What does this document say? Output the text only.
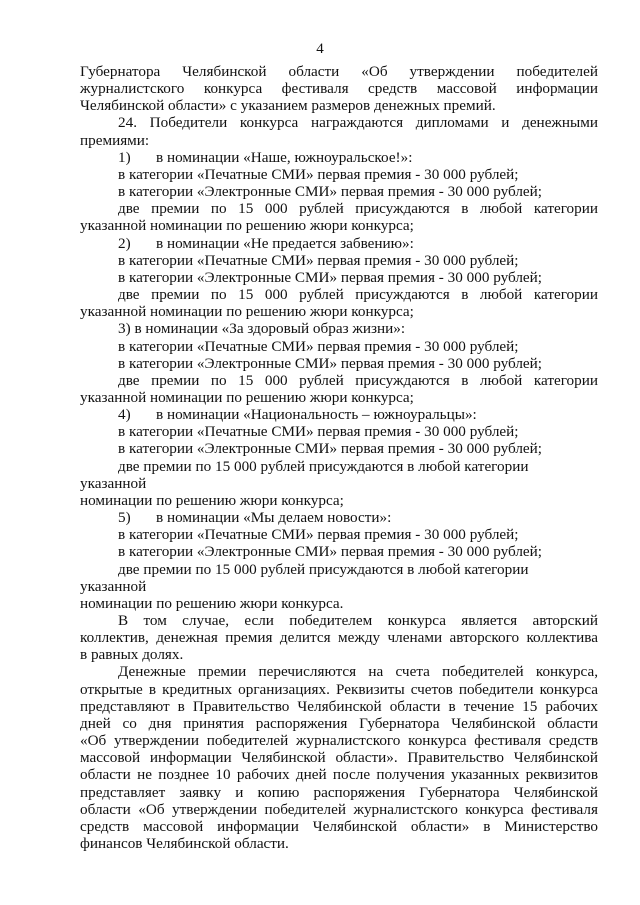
4

Губернатора Челябинской области «Об утверждении победителей

журналистского конкурса фестиваля средств массовой информации

Челябинской области» с указанием размеров денежных премий.

24. Победители конкурса награждаются дипломами и денежными

премиями:

1) в номинации «Наше, южноуральское!»:

в категории «Печатные СМИ» первая премия - 30 000 рублей;

в категории «Электронные СМИ» первая премия - 30 000 рублей;

две премии по 15 000 рублей присуждаются в любой категории

указанной номинации по решению жюри конкурса;

2) в номинации «Не предается забвению»:

в категории «Печатные СМИ» первая премия - 30 000 рублей;

в категории «Электронные СМИ» первая премия - 30 000 рублей;

две премии по 15 000 рублей присуждаются в любой категории

указанной номинации по решению жюри конкурса;

3) в номинации «За здоровый образ жизни»:

в категории «Печатные СМИ» первая премия - 30 000 рублей;

в категории «Электронные СМИ» первая премия - 30 000 рублей;

две премии по 15 000 рублей присуждаются в любой категории

указанной номинации по решению жюри конкурса;

4) в номинации «Национальность – южноуральцы»:

в категории «Печатные СМИ» первая премия - 30 000 рублей;

в категории «Электронные СМИ» первая премия - 30 000 рублей;

две премии по 15 000 рублей присуждаются в любой категории указанной

номинации по решению жюри конкурса;

5) в номинации «Мы делаем новости»:

в категории «Печатные СМИ» первая премия - 30 000 рублей;

в категории «Электронные СМИ» первая премия - 30 000 рублей;

две премии по 15 000 рублей присуждаются в любой категории указанной

номинации по решению жюри конкурса.

В том случае, если победителем конкурса является авторский

коллектив, денежная премия делится между членами авторского коллектива

в равных долях.

Денежные премии перечисляются на счета победителей конкурса,

открытые в кредитных организациях. Реквизиты счетов победители конкурса

представляют в Правительство Челябинской области в течение 15 рабочих

дней со дня принятия распоряжения Губернатора Челябинской области

«Об утверждении победителей журналистского конкурса фестиваля средств

массовой информации Челябинской области». Правительство Челябинской

области не позднее 10 рабочих дней после получения указанных реквизитов

представляет заявку и копию распоряжения Губернатора Челябинской

области «Об утверждении победителей журналистского конкурса фестиваля

средств массовой информации Челябинской области» в Министерство

финансов Челябинской области.
